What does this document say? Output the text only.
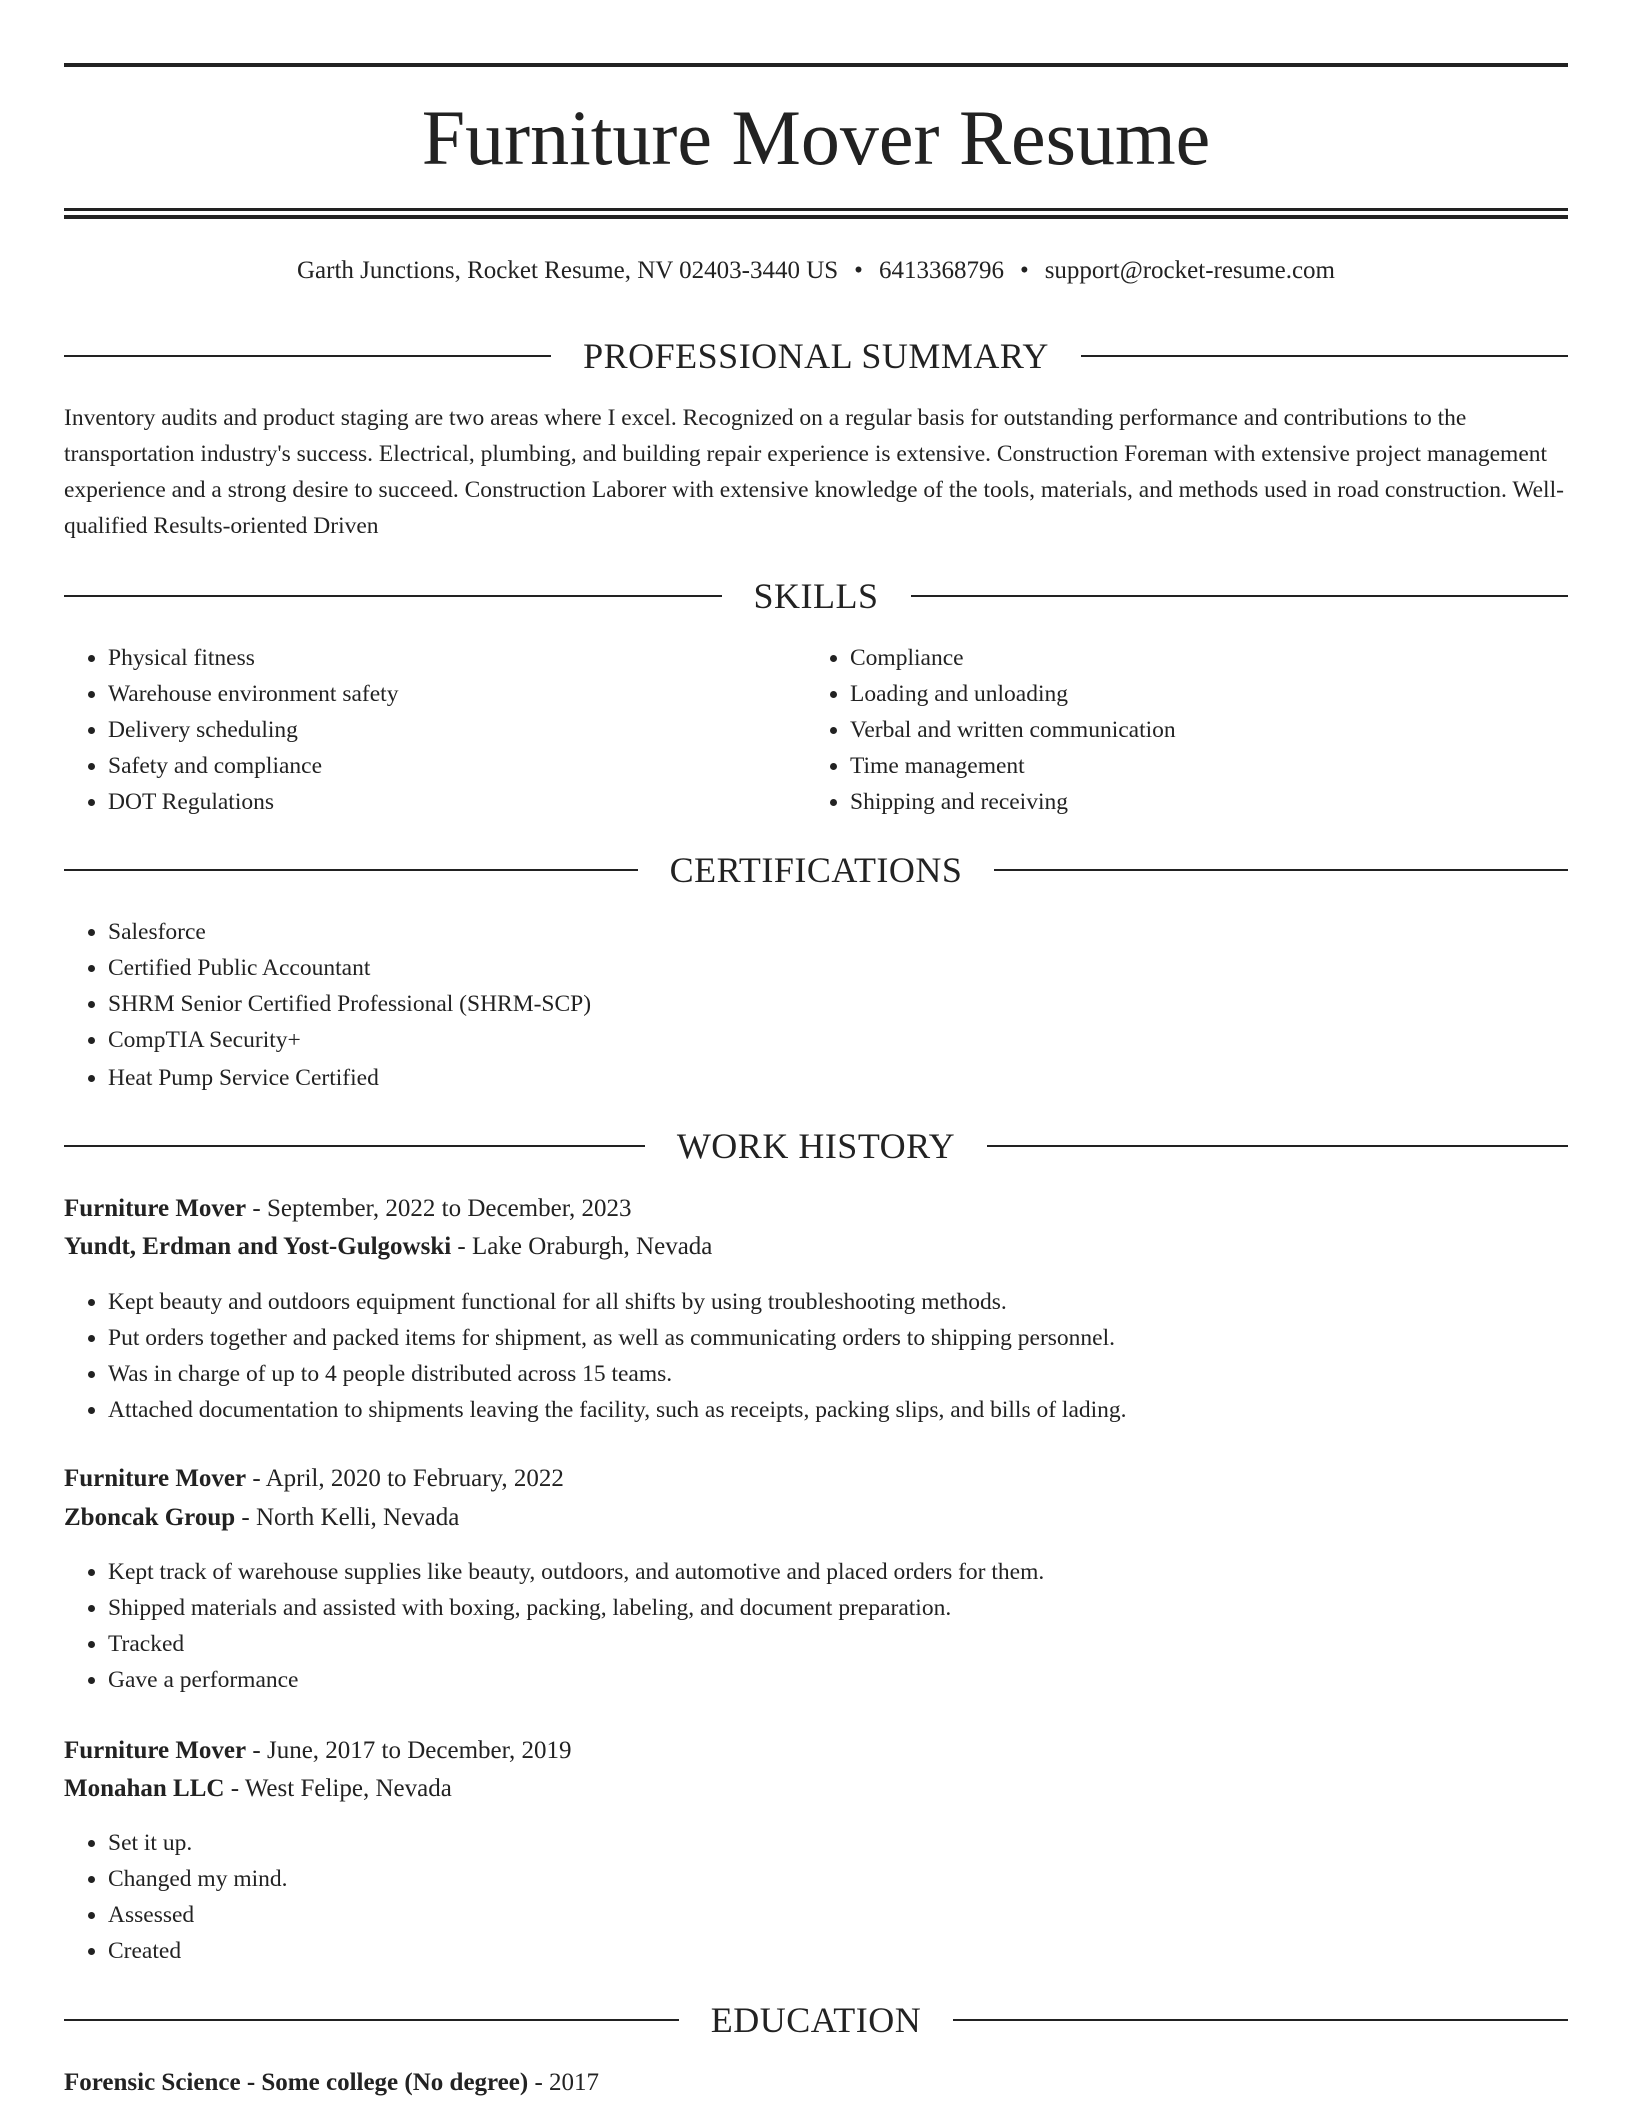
Furniture Mover Resume
Garth Junctions, Rocket Resume, NV 02403-3440 US • 6413368796 • support@rocket-resume.com
PROFESSIONAL SUMMARY
Inventory audits and product staging are two areas where I excel. Recognized on a regular basis for outstanding performance and contributions to the transportation industry's success. Electrical, plumbing, and building repair experience is extensive. Construction Foreman with extensive project management experience and a strong desire to succeed. Construction Laborer with extensive knowledge of the tools, materials, and methods used in road construction. Well-qualified Results-oriented Driven
SKILLS
• Physical fitness
• Warehouse environment safety
• Delivery scheduling
• Safety and compliance
• DOT Regulations
• Compliance
• Loading and unloading
• Verbal and written communication
• Time management
• Shipping and receiving
CERTIFICATIONS
• Salesforce
• Certified Public Accountant
• SHRM Senior Certified Professional (SHRM-SCP)
• CompTIA Security+
• Heat Pump Service Certified
WORK HISTORY
Furniture Mover - September, 2022 to December, 2023
Yundt, Erdman and Yost-Gulgowski - Lake Oraburgh, Nevada
• Kept beauty and outdoors equipment functional for all shifts by using troubleshooting methods.
• Put orders together and packed items for shipment, as well as communicating orders to shipping personnel.
• Was in charge of up to 4 people distributed across 15 teams.
• Attached documentation to shipments leaving the facility, such as receipts, packing slips, and bills of lading.
Furniture Mover - April, 2020 to February, 2022
Zboncak Group - North Kelli, Nevada
• Kept track of warehouse supplies like beauty, outdoors, and automotive and placed orders for them.
• Shipped materials and assisted with boxing, packing, labeling, and document preparation.
• Tracked
• Gave a performance
Furniture Mover - June, 2017 to December, 2019
Monahan LLC - West Felipe, Nevada
• Set it up.
• Changed my mind.
• Assessed
• Created
EDUCATION
Forensic Science - Some college (No degree) - 2017
